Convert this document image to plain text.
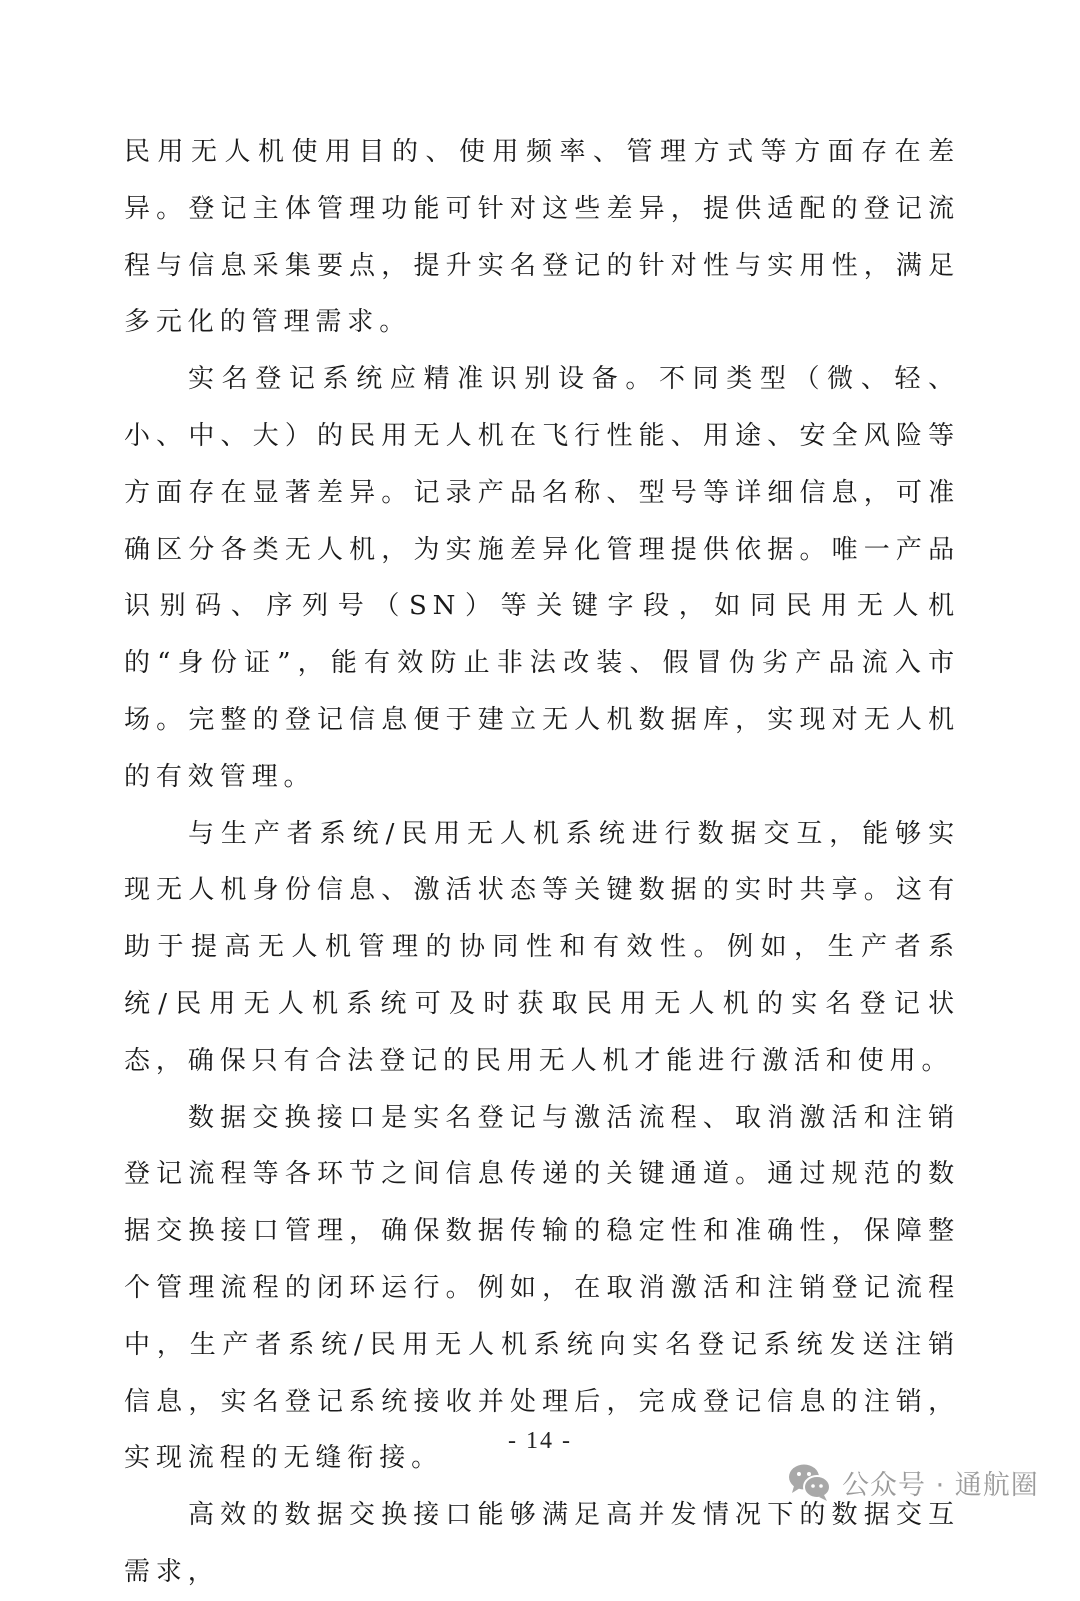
民用无人机使用目的、使用频率、管理方式等方面存在差异。登记主体管理功能可针对这些差异，提供适配的登记流程与信息采集要点，提升实名登记的针对性与实用性，满足多元化的管理需求。

实名登记系统应精准识别设备。不同类型（微、轻、小、中、大）的民用无人机在飞行性能、用途、安全风险等方面存在显著差异。记录产品名称、型号等详细信息，可准确区分各类无人机，为实施差异化管理提供依据。唯一产品识别码、序列号（SN）等关键字段，如同民用无人机的“身份证”，能有效防止非法改装、假冒伪劣产品流入市场。完整的登记信息便于建立无人机数据库，实现对无人机的有效管理。

与生产者系统/民用无人机系统进行数据交互，能够实现无人机身份信息、激活状态等关键数据的实时共享。这有助于提高无人机管理的协同性和有效性。例如，生产者系统/民用无人机系统可及时获取民用无人机的实名登记状态，确保只有合法登记的民用无人机才能进行激活和使用。

数据交换接口是实名登记与激活流程、取消激活和注销登记流程等各环节之间信息传递的关键通道。通过规范的数据交换接口管理，确保数据传输的稳定性和准确性，保障整个管理流程的闭环运行。例如，在取消激活和注销登记流程中，生产者系统/民用无人机系统向实名登记系统发送注销信息，实名登记系统接收并处理后，完成登记信息的注销，实现流程的无缝衔接。

高效的数据交换接口能够满足高并发情况下的数据交互需求，

- 14 -
公众号 · 通航圈
